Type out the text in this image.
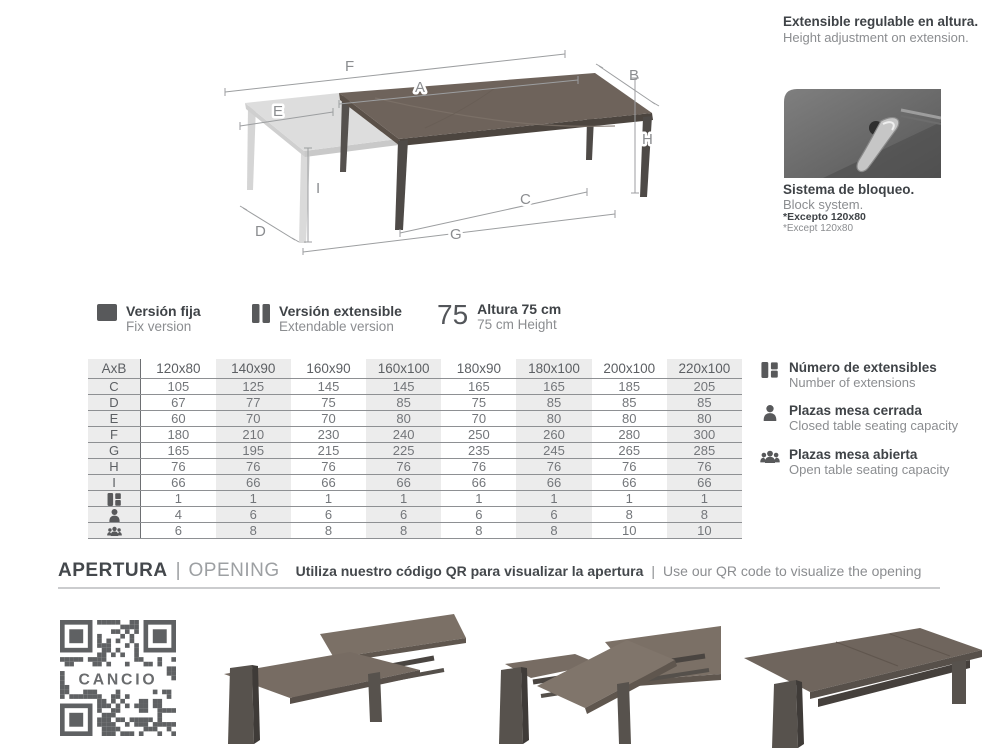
F
A
E
B
H
I
D
C
G
Extensible regulable en altura.
Height adjustment on extension.
Sistema de bloqueo.
Block system.
*Excepto 120x80
*Except 120x80
Versión fija
Fix version
Versión extensible
Extendable version 75 Altura 75 cm
75 cm Height
AxB	120x80	140x90	160x90	160x100	180x90	180x100	200x100	220x100
C	105	125	145	145	165	165	185	205
D	67	77	75	85	75	85	85	85
E	60	70	70	80	70	80	80	80
F	180	210	230	240	250	260	280	300
G	165	195	215	225	235	245	265	285
H	76	76	76	76	76	76	76	76
I	66	66	66	66	66	66	66	66
	1	1	1	1	1	1	1	1
	4	6	6	6	6	6	8	8
	6	8	8	8	8	8	10	10
Número de extensibles
Number of extensions
Plazas mesa cerrada
Closed table seating capacity
Plazas mesa abierta
Open table seating capacity
APERTURA | OPENING Utiliza nuestro código QR para visualizar la apertura | Use our QR code to visualize the opening
CANCIO
